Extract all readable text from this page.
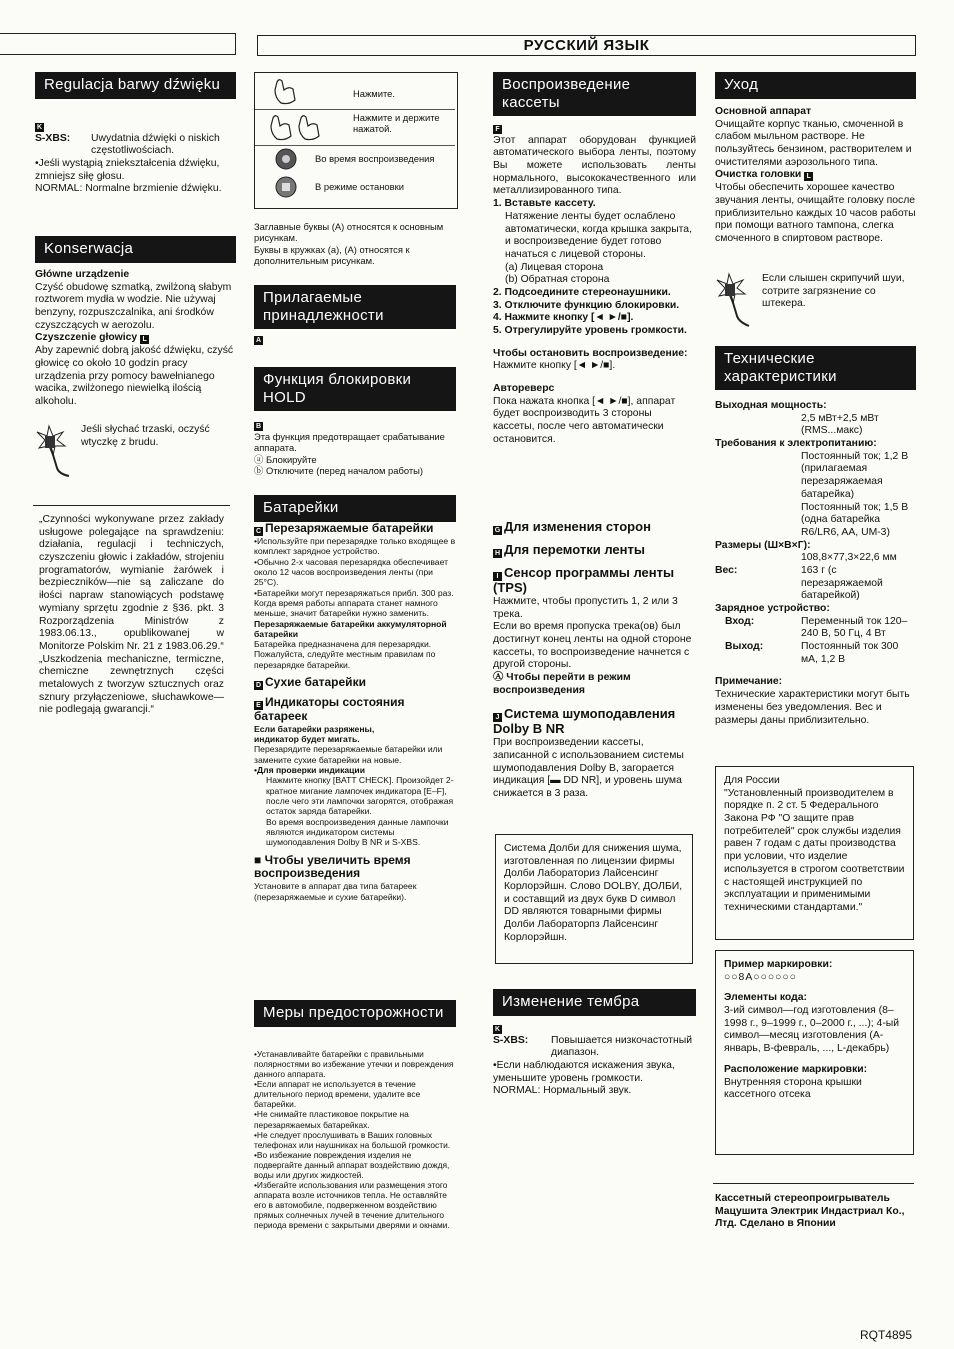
РУССКИЙ ЯЗЫК
Regulacja barwy dźwięku
K
S-XBS:	Uwydatnia dźwięki o niskich częstotliwościach.

•Jeśli wystąpią zniekształcenia dźwięku, zmniejsz siłę głosu.

NORMAL: Normalne brzmienie dźwięku.

Konserwacja

Główne urządzenie

Czyść obudowę szmatką, zwilżoną słabym roztworem mydła w wodzie. Nie używaj benzyny, rozpuszczalnika, ani środków czyszczących w aerozolu.

Czyszczenie głowicy L

Aby zapewnić dobrą jakość dźwięku, czyść głowicę co około 10 godzin pracy urządzenia przy pomocy bawełnianego wacika, zwilżonego niewielką ilością alkoholu.

Jeśli słychać trzaski, oczyść wtyczkę z brudu.

„Czynności wykonywane przez zakłady usługowe polegające na sprawdzeniu: działania, regulacji i techniczych, czyszczeniu głowic i zakładów, strojeniu programatorów, wymianie żarówek i bezpieczników—nie są zaliczane do iłości napraw stanowiących podstawę wymiany sprzętu zgodnie z §36. pkt. 3 Rozporządzenia Ministrów z 1983.06.13., opublikowanej w Monitorze Polskim Nr. 21 z 1983.06.29.“

„Uszkodzenia mechaniczne, termiczne, chemiczne zewnętrznych części metalowych z tworzyw sztucznych oraz sznury przyłączeniowe, słuchawkowe—nie podlegają gwarancji.“

Нажмите.
Нажмите и держите нажатой.
Во время воспроизведения
В режиме остановки

Заглавные буквы (A) относятся к основным рисункам.

Буквы в кружках (a), (A) относятся к дополнительным рисункам.

Прилагаемые принадлежности
A
Функция блокировки HOLD
B

Эта функция предотвращает срабатывание аппарата.

ⓐ Блокируйте

ⓑ Отключите (перед началом работы)

Батарейки

C Перезаряжаемые батарейки

•Используйте при перезарядке только входящее в комплект зарядное устройство.

•Обычно 2-х часовая перезарядка обеспечивает около 12 часов воспроизведения ленты (при 25°С).

•Батарейки могут перезаряжаться прибл. 300 раз. Когда время работы аппарата станет намного меньше, значит батарейки нужно заменить.

Перезаряжаемые батарейки аккумуляторной батарейки

Батарейка предназначена для перезарядки.

Пожалуйста, следуйте местным правилам по перезарядке батарейки.

D Сухие батарейки

E Индикаторы состояния батареек

Если батарейки разряжены,

индикатор будет мигать.

Перезарядите перезаряжаемые батарейки или замените сухие батарейки на новые.

•Для проверки индикации

Нажмите кнопку [BATT CHECK]. Произойдет 2-кратное мигание лампочек индикатора [E–F], после чего эти лампочки загорятся, отображая остаток заряда батарейки.

Во время воспроизведения данные лампочки являются индикатором системы шумоподавления Dolby B NR и S-XBS.

■ Чтобы увеличить время воспроизведения

Установите в аппарат два типа батареек (перезаряжаемые и сухие батарейки).

Меры предосторожности

•Устанавливайте батарейки с правильными полярностями во избежание утечки и повреждения данного аппарата.

•Если аппарат не используется в течение длительного период времени, удалите все батарейки.

•Не снимайте пластиковое покрытие на перезаряжаемых батарейках.

•Не следует прослушивать в Ваших головных телефонах или наушниках на большой громкости.

•Во избежание повреждения изделия не подвергайте данный аппарат воздействию дождя, воды или других жидкостей.

•Избегайте использования или размещения этого аппарата возле источников тепла. Не оставляйте его в автомобиле, подверженном воздействию прямых солнечных лучей в течение длительного периода времени с закрытыми дверями и окнами.

Воспроизведение кассеты
F

Этот аппарат оборудован функцией автоматического выбора ленты, поэтому Вы можете использовать ленты нормального, высококачественного или металлизированного типа.

1. Вставьте кассету.

Натяжение ленты будет ослаблено автоматически, когда крышка закрыта, и воспроизведение будет готово начаться с лицевой стороны.

(a) Лицевая сторона

(b) Обратная сторона

2. Подсоедините стереонаушники.

3. Отключите функцию блокировки.

4. Нажмите кнопку [◄ ►/■].

5. Отрегулируйте уровень громкости.

Чтобы остановить воспроизведение:

Нажмите кнопку [◄ ►/■].

Автореверс

Пока нажата кнопка [◄ ►/■], аппарат будет воспроизводить 3 стороны кассеты, после чего автоматически остановится.

G Для изменения сторон

H Для перемотки ленты

I Сенсор программы ленты (TPS)

Нажмите, чтобы пропустить 1, 2 или 3 трека.

Если во время пропуска трека(ов) был достигнут конец ленты на одной стороне кассеты, то воспроизведение начнется с другой стороны.

Ⓐ Чтобы перейти в режим воспроизведения

J Система шумоподавления Dolby B NR

При воспроизведении кассеты, записанной с использованием системы шумоподавления Dolby B, загорается индикация [▬ DD NR], и уровень шума снижается в 3 раза.

Система Долби для снижения шума, изготовленная по лицензии фирмы Долби Лаборатоpиз Лайсенсинг Корлорэйшн. Слово DOLBY, ДОЛБИ, и составщий из двух букв D символ DD являются товарными фирмы Долби Лабораторпз Лайсенсинг Корлорэйшн.

Изменение тембра
K
S-XBS:	Повышается низкочастотный диапазон.

•Если наблюдаются искажения звука, уменьшите уровень громкости.

NORMAL: Нормальный звук.

Уход

Основной аппарат

Очищайте корпус тканью, смоченной в слабом мыльном растворе. Не пользуйтесь бензином, растворителем и очистителями аэрозольного типа.

Очистка головки L

Чтобы обеспечить хорошее качество звучания ленты, очищайте головку после приблизительно каждых 10 часов работы при помощи ватного тампона, слегка смоченного в спиртовом растворе.

Если слышен скрипучий шуи, сотрите загрязнение со штекера.

Технические характеристики

Выходная мощность:

2,5 мВт+2,5 мВт (RMS...макс)

Требования к электропитанию:

Постоянный ток; 1,2 В (прилагаемая перезаряжаемая батарейка)

Постоянный ток; 1,5 В (одна батарейка R6/LR6, AA, UM-3)

Размеры (Ш×В×Г):

108,8×77,3×22,6 мм

Вес:	163 г (с перезаряжаемой батарейкой)

Зарядное устройство:

Вход:	Переменный ток 120–240 В, 50 Гц, 4 Вт
Выход:	Постоянный ток 300 мА, 1,2 В

Примечание:

Технические характеристики могут быть изменены без уведомления. Вес и размеры даны приблизительно.

Для России
"Установленный производителем в порядке п. 2 ст. 5 Федерального Закона РФ "О защите прав потребителей" срок службы изделия равен 7 годам с даты производства при условии, что изделие используется в строгом соответствии с настоящей инструкцией по эксплуатации и применимыми техническими стандартами."

Пример маркировки:

○○8A○○○○○○

Элементы кода:

3-ий символ—год изготовления (8–1998 г., 9–1999 г., 0–2000 г., ...); 4-ый символ—месяц изготовления (A-январь, B-февраль, ..., L-декабрь)

Расположение маркировки:

Внутренняя сторона крышки кассетного отсека

Кассетный стереопроигрыватель Мацушита Электрик Индастриал Ко., Лтд. Сделано в Японии

RQT4895
